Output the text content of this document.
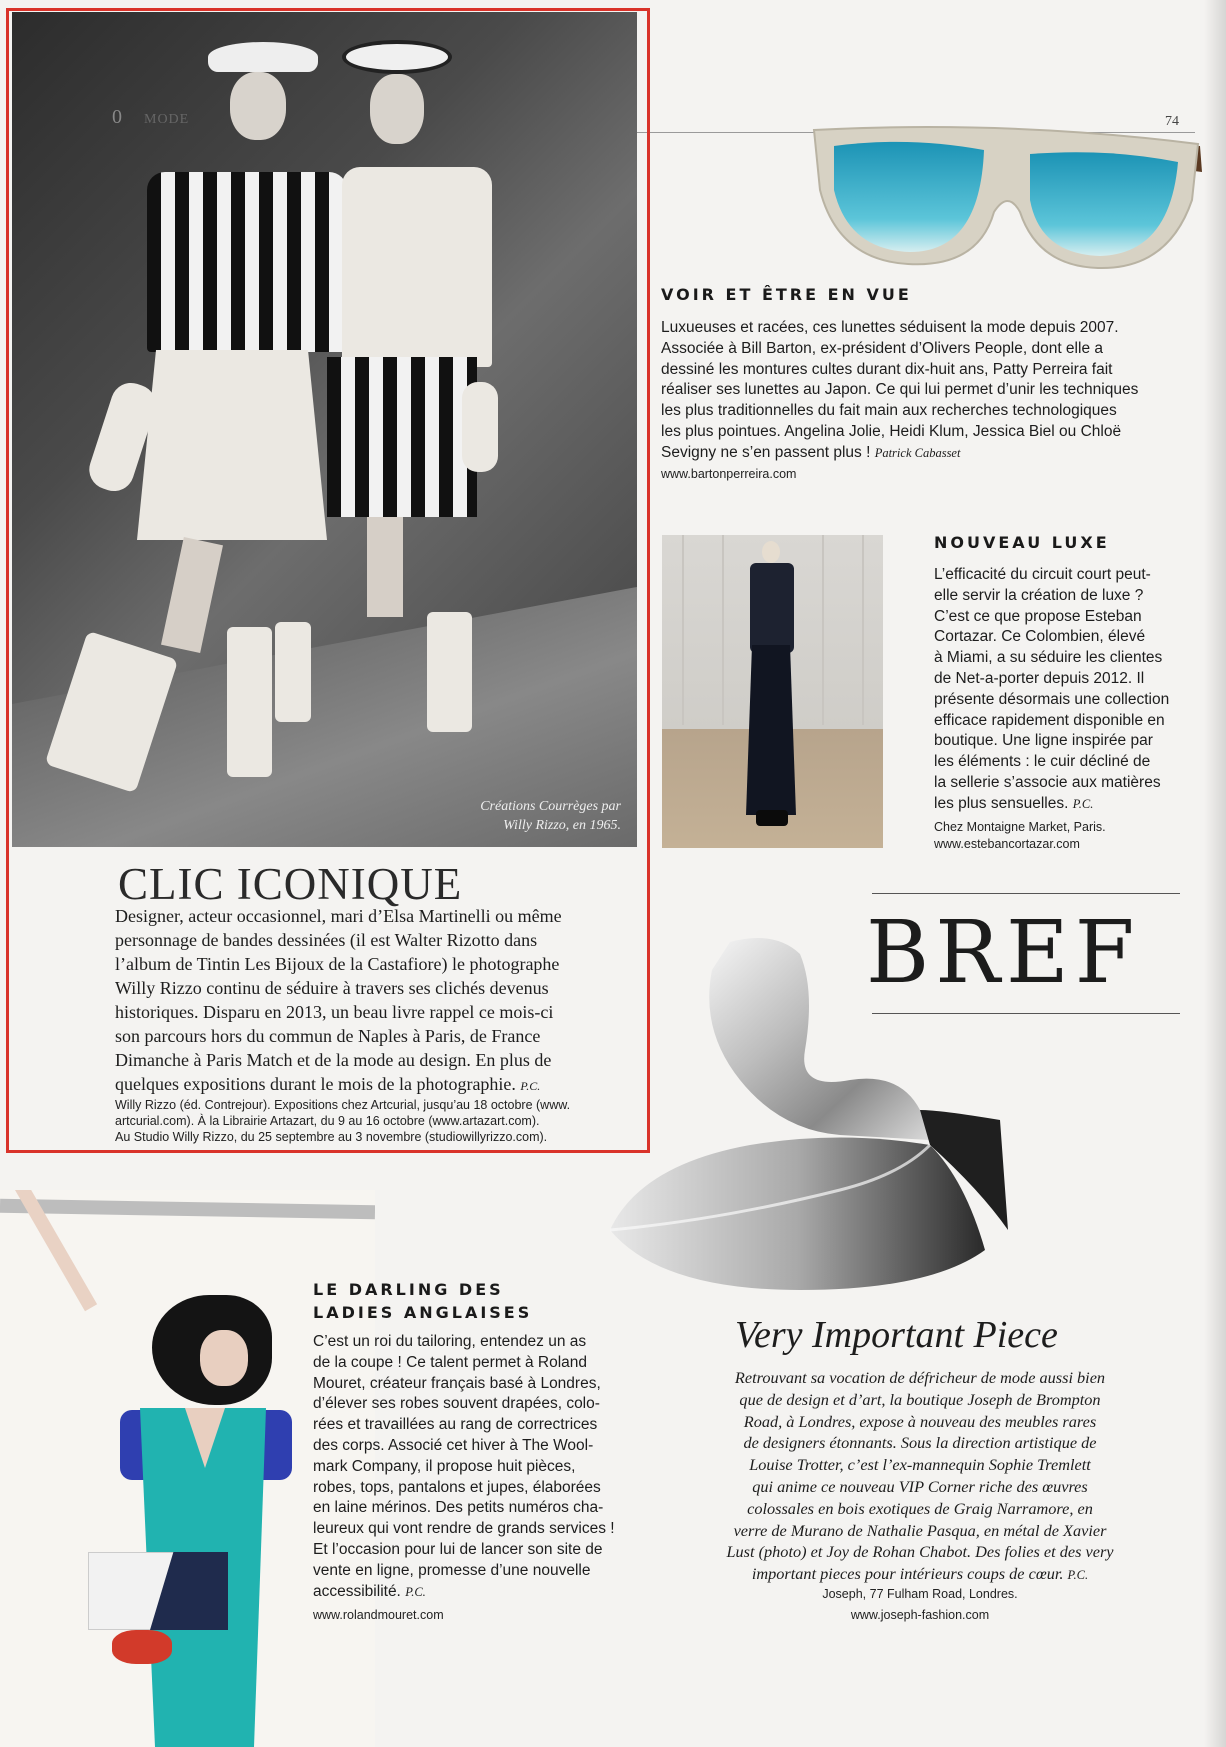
Créations Courrèges par
Willy Rizzo, en 1965.
0 MODE	74
CLIC ICONIQUE
Designer, acteur occasionnel, mari d’Elsa Martinelli ou même
personnage de bandes dessinées (il est Walter Rizotto dans
l’album de Tintin Les Bijoux de la Castafiore) le photographe
Willy Rizzo continu de séduire à travers ses clichés devenus
historiques. Disparu en 2013, un beau livre rappel ce mois-ci
son parcours hors du commun de Naples à Paris, de France
Dimanche à Paris Match et de la mode au design. En plus de
quelques expositions durant le mois de la photographie. P.C.
Willy Rizzo (éd. Contrejour). Expositions chez Artcurial, jusqu’au 18 octobre (www.
artcurial.com). À la Librairie Artazart, du 9 au 16 octobre (www.artazart.com).
Au Studio Willy Rizzo, du 25 septembre au 3 novembre (studiowillyrizzo.com).
VOIR ET ÊTRE EN VUE
Luxueuses et racées, ces lunettes séduisent la mode depuis 2007.
Associée à Bill Barton, ex-président d’Olivers People, dont elle a
dessiné les montures cultes durant dix-huit ans, Patty Perreira fait
réaliser ses lunettes au Japon. Ce qui lui permet d’unir les techniques
les plus traditionnelles du fait main aux recherches technologiques
les plus pointues. Angelina Jolie, Heidi Klum, Jessica Biel ou Chloë
Sevigny ne s’en passent plus ! Patrick Cabasset
www.bartonperreira.com
NOUVEAU LUXE
L’efficacité du circuit court peut-
elle servir la création de luxe ?
C’est ce que propose Esteban
Cortazar. Ce Colombien, élevé
à Miami, a su séduire les clientes
de Net-a-porter depuis 2012. Il
présente désormais une collection
efficace rapidement disponible en
boutique. Une ligne inspirée par
les éléments : le cuir décliné de
la sellerie s’associe aux matières
les plus sensuelles. P.C.
Chez Montaigne Market, Paris.
www.estebancortazar.com
BREF
Very Important Piece
Retrouvant sa vocation de défricheur de mode aussi bien
que de design et d’art, la boutique Joseph de Brompton
Road, à Londres, expose à nouveau des meubles rares
de designers étonnants. Sous la direction artistique de
Louise Trotter, c’est l’ex-mannequin Sophie Tremlett
qui anime ce nouveau VIP Corner riche des œuvres
colossales en bois exotiques de Graig Narramore, en
verre de Murano de Nathalie Pasqua, en métal de Xavier
Lust (photo) et Joy de Rohan Chabot. Des folies et des very
important pieces pour intérieurs coups de cœur. P.C.
Joseph, 77 Fulham Road, Londres.
www.joseph-fashion.com
LE DARLING DES
LADIES ANGLAISES
C’est un roi du tailoring, entendez un as
de la coupe ! Ce talent permet à Roland
Mouret, créateur français basé à Londres,
d’élever ses robes souvent drapées, colo-
rées et travaillées au rang de correctrices
des corps. Associé cet hiver à The Wool-
mark Company, il propose huit pièces,
robes, tops, pantalons et jupes, élaborées
en laine mérinos. Des petits numéros cha-
leureux qui vont rendre de grands services !
Et l’occasion pour lui de lancer son site de
vente en ligne, promesse d’une nouvelle
accessibilité. P.C.
www.rolandmouret.com
